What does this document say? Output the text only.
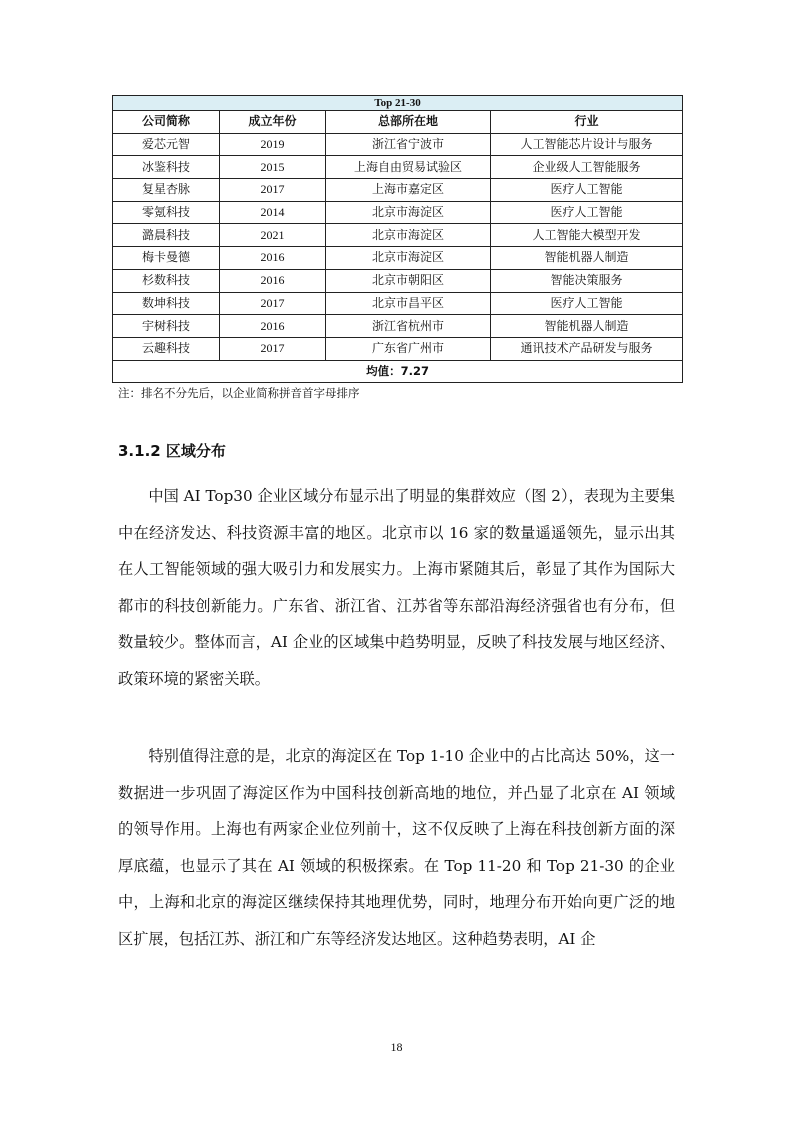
Top 21-30			
公司简称	成立年份	总部所在地	行业
爱芯元智	2019	浙江省宁波市	人工智能芯片设计与服务
冰鉴科技	2015	上海自由贸易试验区	企业级人工智能服务
复星杏脉	2017	上海市嘉定区	医疗人工智能
零氪科技	2014	北京市海淀区	医疗人工智能
潞晨科技	2021	北京市海淀区	人工智能大模型开发
梅卡曼德	2016	北京市海淀区	智能机器人制造
杉数科技	2016	北京市朝阳区	智能决策服务
数坤科技	2017	北京市昌平区	医疗人工智能
宇树科技	2016	浙江省杭州市	智能机器人制造
云趣科技	2017	广东省广州市	通讯技术产品研发与服务
均值：7.27			
注：排名不分先后，以企业简称拼音首字母排序
3.1.2 区域分布

中国 AI Top30 企业区域分布显示出了明显的集群效应（图 2），表现为主要集中在经济发达、科技资源丰富的地区。北京市以 16 家的数量遥遥领先，显示出其在人工智能领域的强大吸引力和发展实力。上海市紧随其后，彰显了其作为国际大都市的科技创新能力。广东省、浙江省、江苏省等东部沿海经济强省也有分布，但数量较少。整体而言，AI 企业的区域集中趋势明显，反映了科技发展与地区经济、政策环境的紧密关联。

特别值得注意的是，北京的海淀区在 Top 1-10 企业中的占比高达 50%，这一数据进一步巩固了海淀区作为中国科技创新高地的地位，并凸显了北京在 AI 领域的领导作用。上海也有两家企业位列前十，这不仅反映了上海在科技创新方面的深厚底蕴，也显示了其在 AI 领域的积极探索。在 Top 11-20 和 Top 21-30 的企业中，上海和北京的海淀区继续保持其地理优势，同时，地理分布开始向更广泛的地区扩展，包括江苏、浙江和广东等经济发达地区。这种趋势表明，AI 企

18
